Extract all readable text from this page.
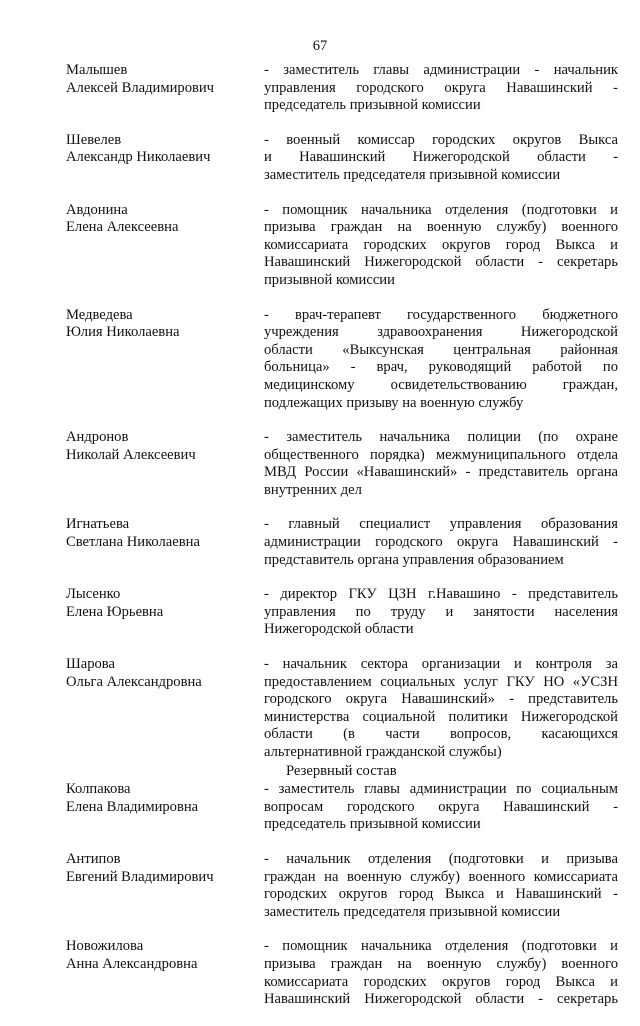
67
Малышев
Алексей Владимирович
- заместитель главы администрации - начальник
управления городского округа Навашинский -
председатель призывной комиссии
Шевелев
Александр Николаевич
- военный комиссар городских округов Выкса
и Навашинский Нижегородской области -
заместитель председателя призывной комиссии
Авдонина
Елена Алексеевна
- помощник начальника отделения (подготовки и
призыва граждан на военную службу) военного
комиссариата городских округов город Выкса и
Навашинский Нижегородской области - секретарь
призывной комиссии
Медведева
Юлия Николаевна
- врач-терапевт государственного бюджетного
учреждения здравоохранения Нижегородской
области «Выксунская центральная районная
больница» - врач, руководящий работой по
медицинскому освидетельствованию граждан,
подлежащих призыву на военную службу
Андронов
Николай Алексеевич
- заместитель начальника полиции (по охране
общественного порядка) межмуниципального отдела
МВД России «Навашинский» - представитель органа
внутренних дел
Игнатьева
Светлана Николаевна
- главный специалист управления образования
администрации городского округа Навашинский -
представитель органа управления образованием
Лысенко
Елена Юрьевна
- директор ГКУ ЦЗН г.Навашино - представитель
управления по труду и занятости населения
Нижегородской области
Шарова
Ольга Александровна
- начальник сектора организации и контроля за
предоставлением социальных услуг ГКУ НО «УСЗН
городского округа Навашинский» - представитель
министерства социальной политики Нижегородской
области (в части вопросов, касающихся
альтернативной гражданской службы)
Резервный состав
Колпакова
Елена Владимировна
- заместитель главы администрации по социальным
вопросам городского округа Навашинский -
председатель призывной комиссии
Антипов
Евгений Владимирович
- начальник отделения (подготовки и призыва
граждан на военную службу) военного комиссариата
городских округов город Выкса и Навашинский -
заместитель председателя призывной комиссии
Новожилова
Анна Александровна
- помощник начальника отделения (подготовки и
призыва граждан на военную службу) военного
комиссариата городских округов город Выкса и
Навашинский Нижегородской области - секретарь
